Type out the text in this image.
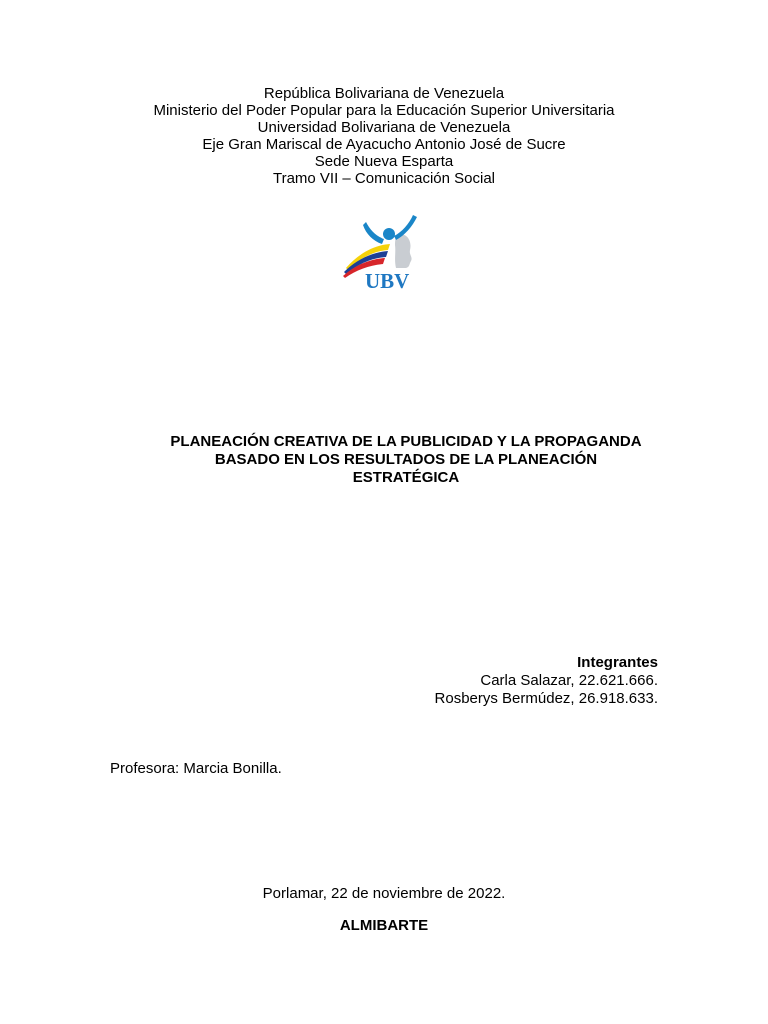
República Bolivariana de Venezuela
Ministerio del Poder Popular para la Educación Superior Universitaria
Universidad Bolivariana de Venezuela
Eje Gran Mariscal de Ayacucho Antonio José de Sucre
Sede Nueva Esparta
Tramo VII – Comunicación Social
UBV
PLANEACIÓN CREATIVA DE LA PUBLICIDAD Y LA PROPAGANDA
BASADO EN LOS RESULTADOS DE LA PLANEACIÓN
ESTRATÉGICA
Integrantes
Carla Salazar, 22.621.666.
Rosberys Bermúdez, 26.918.633.
Profesora: Marcia Bonilla.
Porlamar, 22 de noviembre de 2022.
ALMIBARTE
